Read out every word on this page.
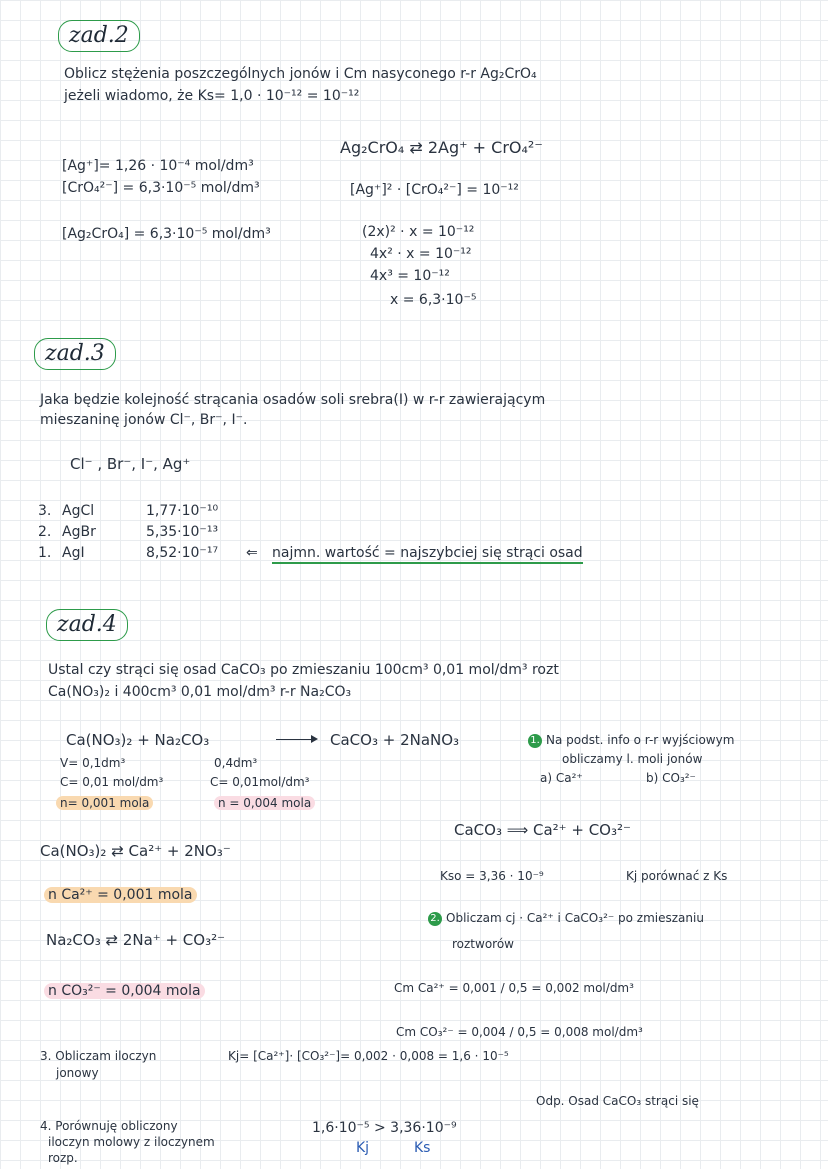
zad.2
Oblicz stężenia poszczególnych jonów i Cm nasyconego r-r Ag₂CrO₄
jeżeli wiadomo, że Ks= 1,0 · 10⁻¹² = 10⁻¹²
[Ag⁺]= 1,26 · 10⁻⁴ mol/dm³
[CrO₄²⁻] = 6,3·10⁻⁵ mol/dm³
[Ag₂CrO₄] = 6,3·10⁻⁵ mol/dm³
Ag₂CrO₄ ⇄ 2Ag⁺ + CrO₄²⁻
[Ag⁺]² · [CrO₄²⁻] = 10⁻¹²
(2x)² · x = 10⁻¹²
4x² · x = 10⁻¹²
4x³ = 10⁻¹²
x = 6,3·10⁻⁵
zad.3
Jaka będzie kolejność strącania osadów soli srebra(I) w r-r zawierającym
mieszaninę jonów Cl⁻, Br⁻, I⁻.
Cl⁻ , Br⁻, I⁻, Ag⁺
3. AgCl	1,77·10⁻¹⁰
2. AgBr	5,35·10⁻¹³
1. AgI	8,52·10⁻¹⁷ ⇐ najmn. wartość = najszybciej się strąci osad
zad.4
Ustal czy strąci się osad CaCO₃ po zmieszaniu 100cm³ 0,01 mol/dm³ rozt
Ca(NO₃)₂ i 400cm³ 0,01 mol/dm³ r-r Na₂CO₃
Ca(NO₃)₂ + Na₂CO₃	→ CaCO₃ + 2NaNO₃
V= 0,1dm³
C= 0,01 mol/dm³
n= 0,001 mola
0,4dm³
C= 0,01mol/dm³
n = 0,004 mola
Ca(NO₃)₂ ⇄ Ca²⁺ + 2NO₃⁻
n Ca²⁺ = 0,001 mola
Na₂CO₃ ⇄ 2Na⁺ + CO₃²⁻
n CO₃²⁻ = 0,004 mola
1. Na podst. info o r-r wyjściowym
obliczamy l. moli jonów
a) Ca²⁺	b) CO₃²⁻
CaCO₃ ⟹ Ca²⁺ + CO₃²⁻
Kso = 3,36 · 10⁻⁹	Kj porównać z Ks
2. Obliczam cj · Ca²⁺ i CaCO₃²⁻ po zmieszaniu
roztworów
Cm Ca²⁺ = 0,001 / 0,5 = 0,002 mol/dm³
Cm CO₃²⁻ = 0,004 / 0,5 = 0,008 mol/dm³
3. Obliczam iloczyn
jonowy
Kj= [Ca²⁺]· [CO₃²⁻]= 0,002 · 0,008 = 1,6 · 10⁻⁵
Odp. Osad CaCO₃ strąci się
4. Porównuję obliczony
iloczyn molowy z iloczynem
rozp.
1,6·10⁻⁵ > 3,36·10⁻⁹
Kj	Ks
